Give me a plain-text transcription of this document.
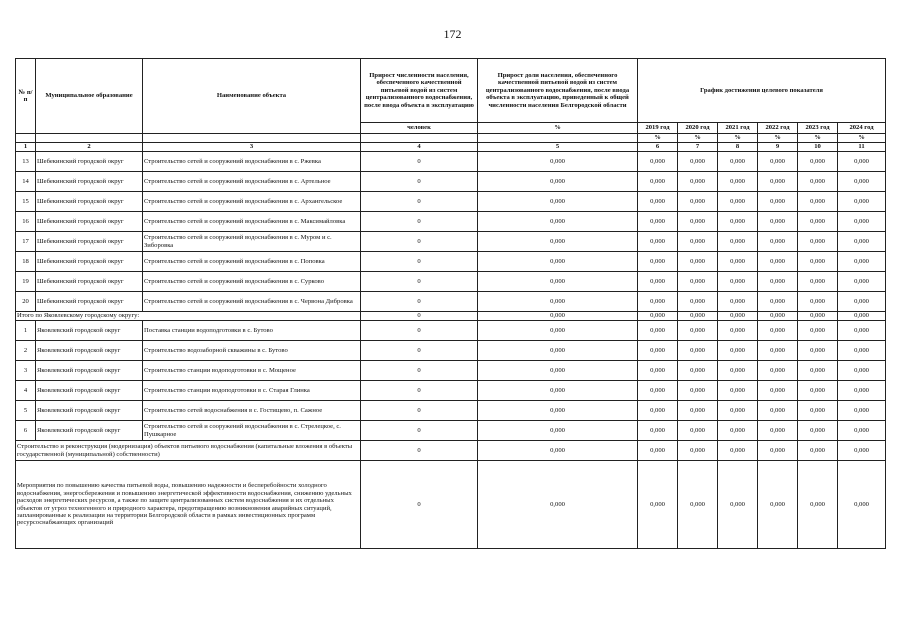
172
№ п/п	Муниципальное образование	Наименование объекта	Прирост численности населения, обеспеченного качественной питьевой водой из систем централизованного водоснабжения, после ввода объекта в эксплуатацию	Прирост доли населения, обеспеченного качественной питьевой водой из систем централизованного водоснабжения, после ввода объекта в эксплуатацию, приведенный к общей численности населения Белгородской области	График достижения целевого показателя					
			человек	%	2019 год	2020 год	2021 год	2022 год	2023 год	2024 год
					%	%	%	%	%	%
1	2	3	4	5	6	7	8	9	10	11
13	Шебекинский городской округ	Строительство сетей и сооружений водоснабжения в с. Ржевка	0	0,000	0,000	0,000	0,000	0,000	0,000	0,000
14	Шебекинский городской округ	Строительство сетей и сооружений водоснабжения в с. Артельное	0	0,000	0,000	0,000	0,000	0,000	0,000	0,000
15	Шебекинский городской округ	Строительство сетей и сооружений водоснабжения в с. Архангельское	0	0,000	0,000	0,000	0,000	0,000	0,000	0,000
16	Шебекинский городской округ	Строительство сетей и сооружений водоснабжения в с. Максимайловка	0	0,000	0,000	0,000	0,000	0,000	0,000	0,000
17	Шебекинский городской округ	Строительство сетей и сооружений водоснабжения в с. Муром и с. Зиборовка	0	0,000	0,000	0,000	0,000	0,000	0,000	0,000
18	Шебекинский городской округ	Строительство сетей и сооружений водоснабжения в с. Поповка	0	0,000	0,000	0,000	0,000	0,000	0,000	0,000
19	Шебекинский городской округ	Строительство сетей и сооружений водоснабжения в с. Сурково	0	0,000	0,000	0,000	0,000	0,000	0,000	0,000
20	Шебекинский городской округ	Строительство сетей и сооружений водоснабжения в с. Червона Дибровка	0	0,000	0,000	0,000	0,000	0,000	0,000	0,000
Итого по Яковлевскому городскому округу:			0	0,000	0,000	0,000	0,000	0,000	0,000	0,000
1	Яковлевский городской округ	Поставка станции водоподготовки в с. Бутово	0	0,000	0,000	0,000	0,000	0,000	0,000	0,000
2	Яковлевский городской округ	Строительство водозаборной скважины в с. Бутово	0	0,000	0,000	0,000	0,000	0,000	0,000	0,000
3	Яковлевский городской округ	Строительство станции водоподготовки в с. Мощеное	0	0,000	0,000	0,000	0,000	0,000	0,000	0,000
4	Яковлевский городской округ	Строительство станции водоподготовки в с. Старая Глинка	0	0,000	0,000	0,000	0,000	0,000	0,000	0,000
5	Яковлевский городской округ	Строительство сетей водоснабжения в с. Гостищево, п. Сажное	0	0,000	0,000	0,000	0,000	0,000	0,000	0,000
6	Яковлевский городской округ	Строительство сетей и сооружений водоснабжения в с. Стрелецкое, с. Пушкарное	0	0,000	0,000	0,000	0,000	0,000	0,000	0,000
Строительство и реконструкция (модернизация) объектов питьевого водоснабжения (капитальные вложения в объекты государственной (муниципальной) собственности)			0	0,000	0,000	0,000	0,000	0,000	0,000	0,000
Мероприятия по повышению качества питьевой воды, повышению надежности и бесперебойности холодного водоснабжения, энергосбережения и повышению энергетической эффективности водоснабжения, снижению удельных расходов энергетических ресурсов, а также по защите централизованных систем водоснабжения и их отдельных объектов от угроз техногенного и природного характера, предотвращению возникновения аварийных ситуаций, запланированные к реализации на территории Белгородской области в рамках инвестиционных программ ресурсоснабжающих организаций			0	0,000	0,000	0,000	0,000	0,000	0,000	0,000
